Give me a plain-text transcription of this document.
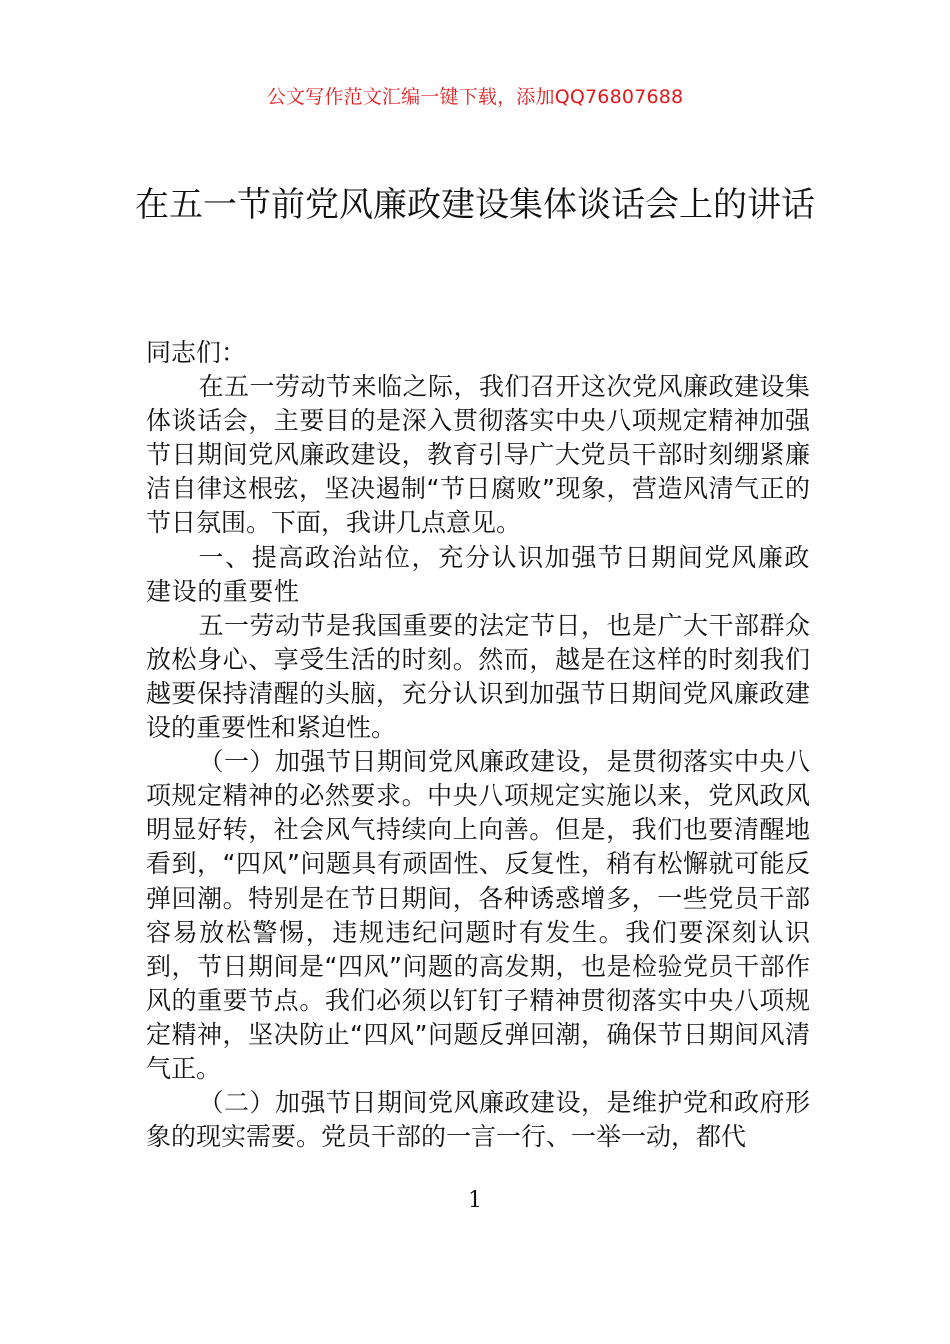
公文写作范文汇编一键下载，添加QQ76807688
在五一节前党风廉政建设集体谈话会上的讲话

同志们：

在五一劳动节来临之际，我们召开这次党风廉政建设集体谈话会，主要目的是深入贯彻落实中央八项规定精神加强节日期间党风廉政建设，教育引导广大党员干部时刻绷紧廉洁自律这根弦，坚决遏制“节日腐败”现象，营造风清气正的节日氛围。下面，我讲几点意见。

一、提高政治站位，充分认识加强节日期间党风廉政建设的重要性

五一劳动节是我国重要的法定节日，也是广大干部群众放松身心、享受生活的时刻。然而，越是在这样的时刻我们越要保持清醒的头脑，充分认识到加强节日期间党风廉政建设的重要性和紧迫性。

（一）加强节日期间党风廉政建设，是贯彻落实中央八项规定精神的必然要求。中央八项规定实施以来，党风政风明显好转，社会风气持续向上向善。但是，我们也要清醒地看到，“四风”问题具有顽固性、反复性，稍有松懈就可能反弹回潮。特别是在节日期间，各种诱惑增多，一些党员干部容易放松警惕，违规违纪问题时有发生。我们要深刻认识到，节日期间是“四风”问题的高发期，也是检验党员干部作风的重要节点。我们必须以钉钉子精神贯彻落实中央八项规定精神，坚决防止“四风”问题反弹回潮，确保节日期间风清气正。

（二）加强节日期间党风廉政建设，是维护党和政府形象的现实需要。党员干部的一言一行、一举一动，都代

1
